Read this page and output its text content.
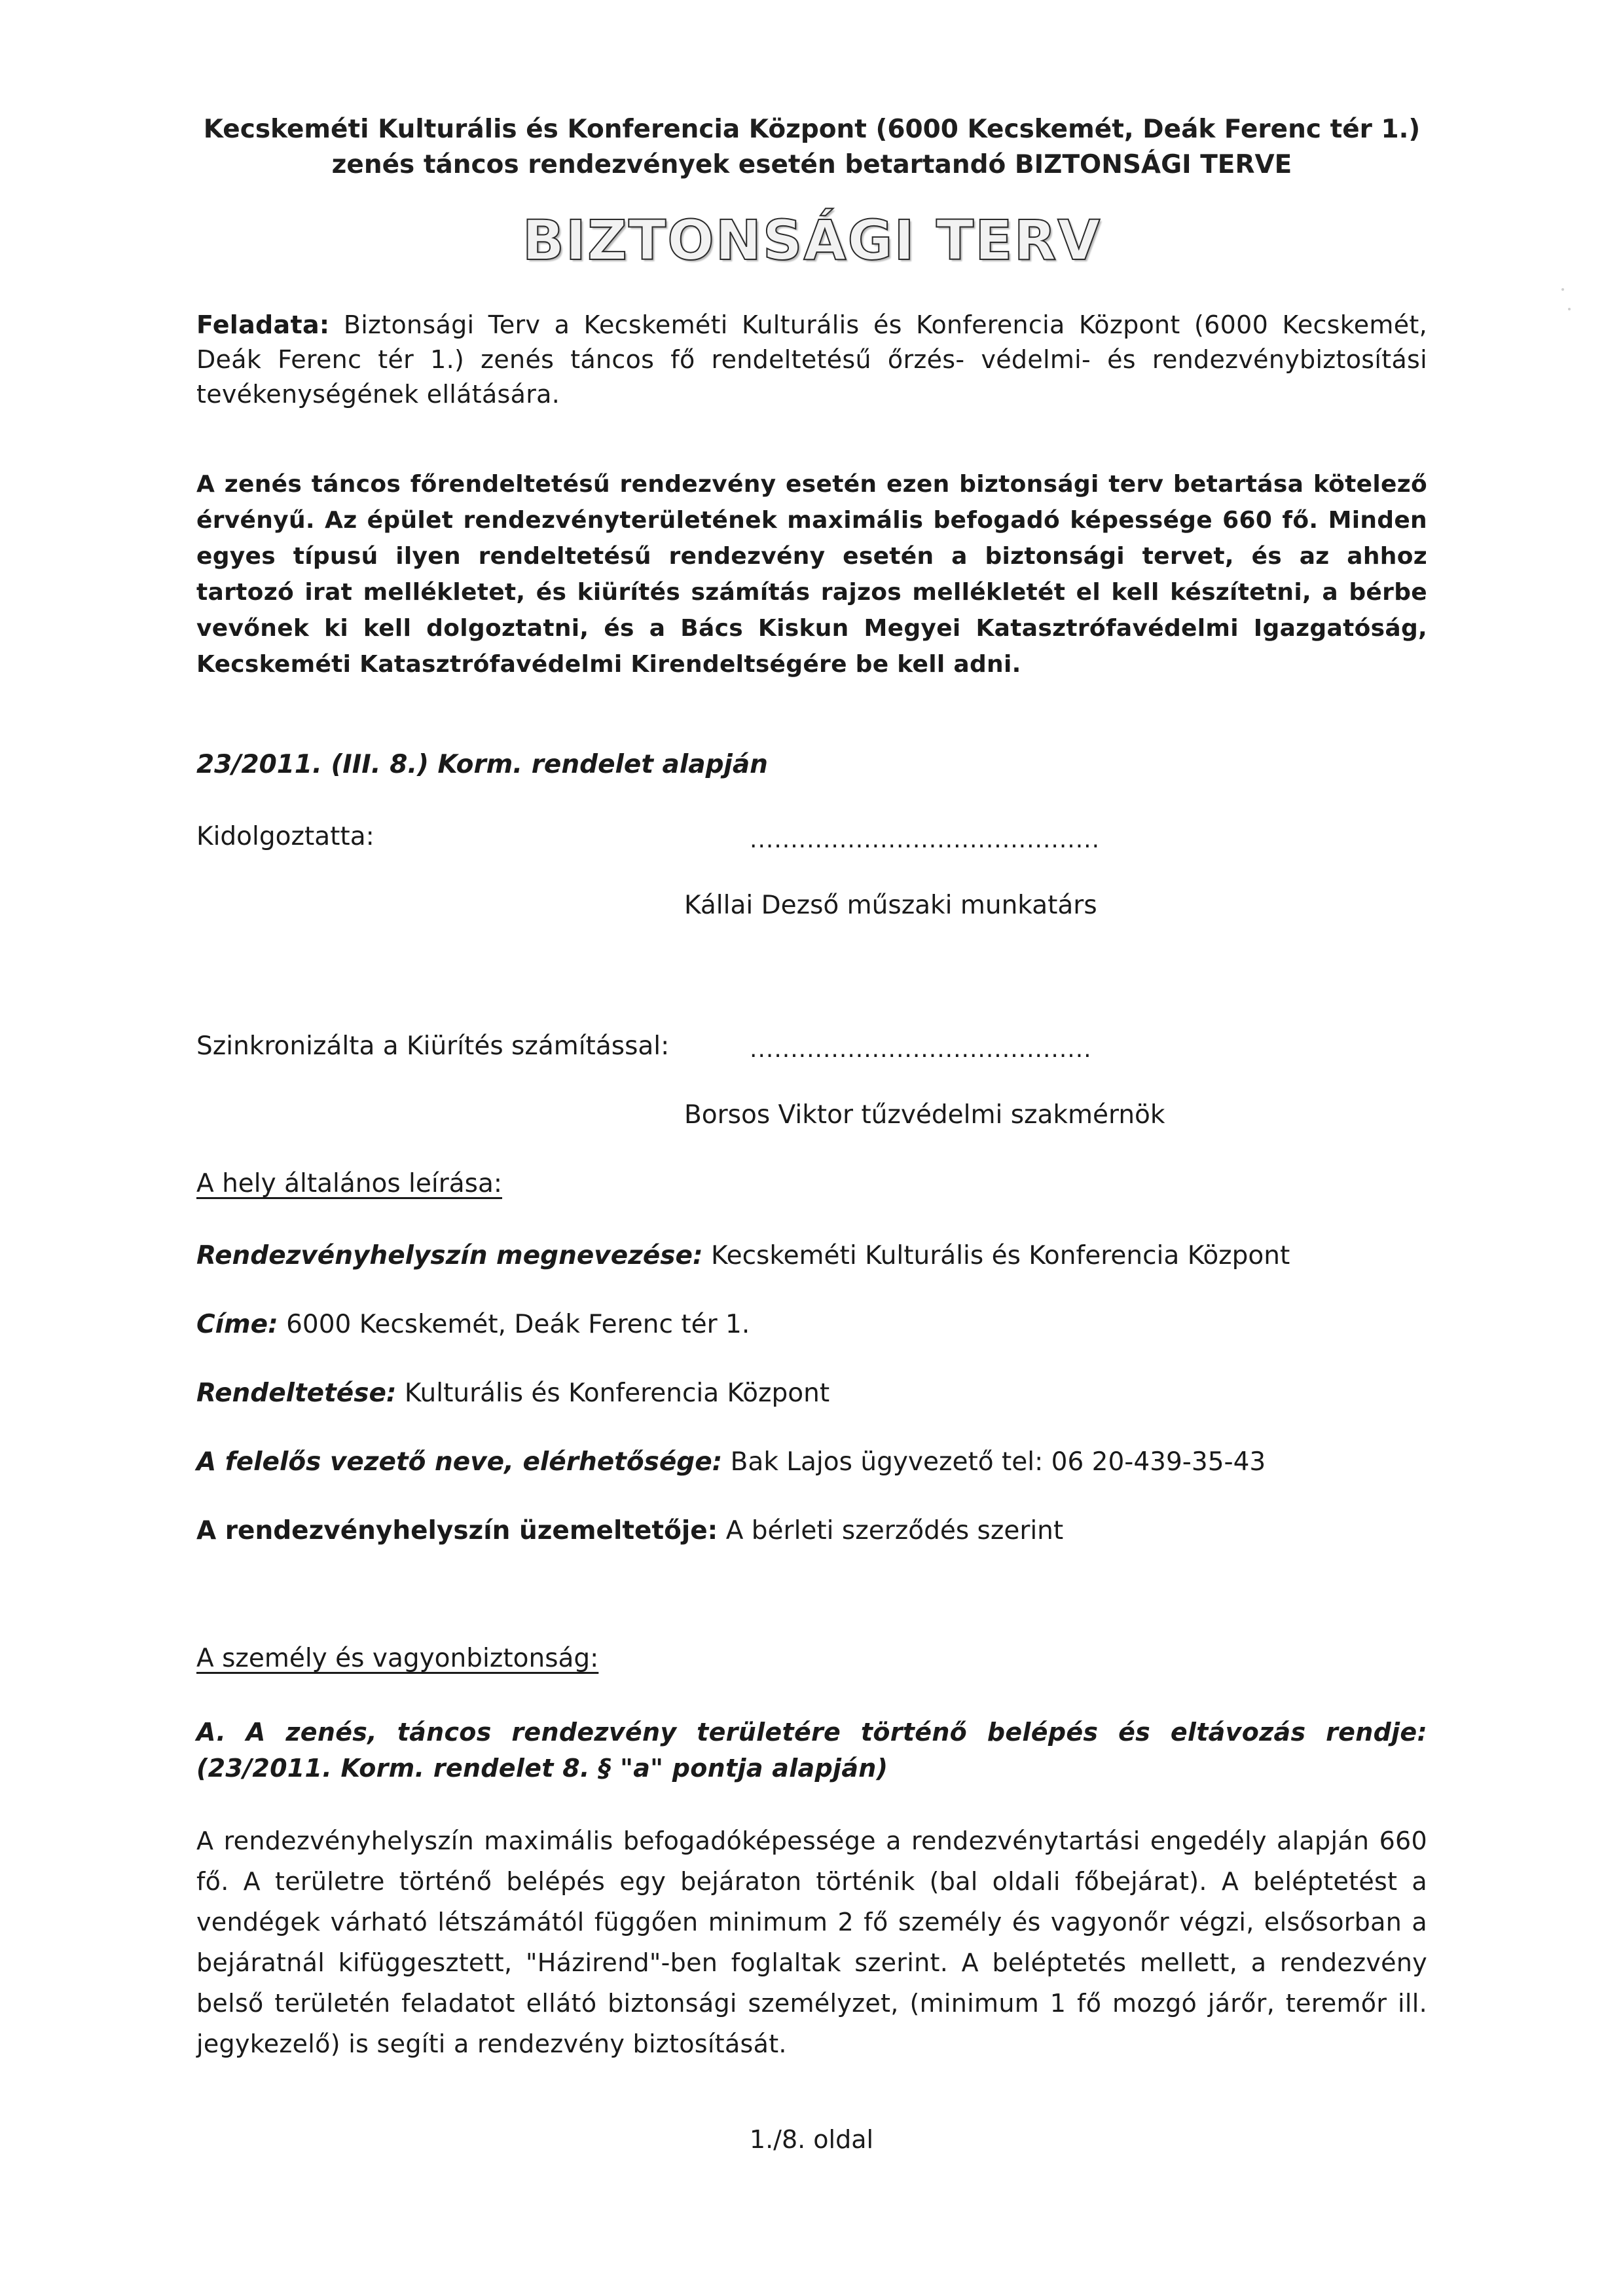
Kecskeméti Kulturális és Konferencia Központ (6000 Kecskemét, Deák Ferenc tér 1.)
zenés táncos rendezvények esetén betartandó BIZTONSÁGI TERVE
BIZTONSÁGI TERV
Feladata: Biztonsági Terv a Kecskeméti Kulturális és Konferencia Központ (6000 Kecskemét, Deák Ferenc tér 1.) zenés táncos fő rendeltetésű őrzés- védelmi- és rendezvénybiztosítási tevékenységének ellátására.
A zenés táncos főrendeltetésű rendezvény esetén ezen biztonsági terv betartása kötelező érvényű. Az épület rendezvényterületének maximális befogadó képessége 660 fő. Minden egyes típusú ilyen rendeltetésű rendezvény esetén a biztonsági tervet, és az ahhoz tartozó irat mellékletet, és kiürítés számítás rajzos mellékletét el kell készítetni, a bérbe vevőnek ki kell dolgoztatni, és a Bács Kiskun Megyei Katasztrófavédelmi Igazgatóság, Kecskeméti Katasztrófavédelmi Kirendeltségére be kell adni.
23/2011. (III. 8.) Korm. rendelet alapján
Kidolgoztatta:	...........................................
Kállai Dezső műszaki munkatárs
Szinkronizálta a Kiürítés számítással:	..........................................
Borsos Viktor tűzvédelmi szakmérnök
A hely általános leírása:
Rendezvényhelyszín megnevezése: Kecskeméti Kulturális és Konferencia Központ
Címe: 6000 Kecskemét, Deák Ferenc tér 1.
Rendeltetése: Kulturális és Konferencia Központ
A felelős vezető neve, elérhetősége: Bak Lajos ügyvezető tel: 06 20-439-35-43
A rendezvényhelyszín üzemeltetője: A bérleti szerződés szerint
A személy és vagyonbiztonság:
A. A zenés, táncos rendezvény területére történő belépés és eltávozás rendje: (23/2011. Korm. rendelet 8. § "a" pontja alapján)
A rendezvényhelyszín maximális befogadóképessége a rendezvénytartási engedély alapján 660 fő. A területre történő belépés egy bejáraton történik (bal oldali főbejárat). A beléptetést a vendégek várható létszámától függően minimum 2 fő személy és vagyonőr végzi, elsősorban a bejáratnál kifüggesztett, "Házirend"-ben foglaltak szerint. A beléptetés mellett, a rendezvény belső területén feladatot ellátó biztonsági személyzet, (minimum 1 fő mozgó járőr, teremőr ill. jegykezelő) is segíti a rendezvény biztosítását.
1./8. oldal
